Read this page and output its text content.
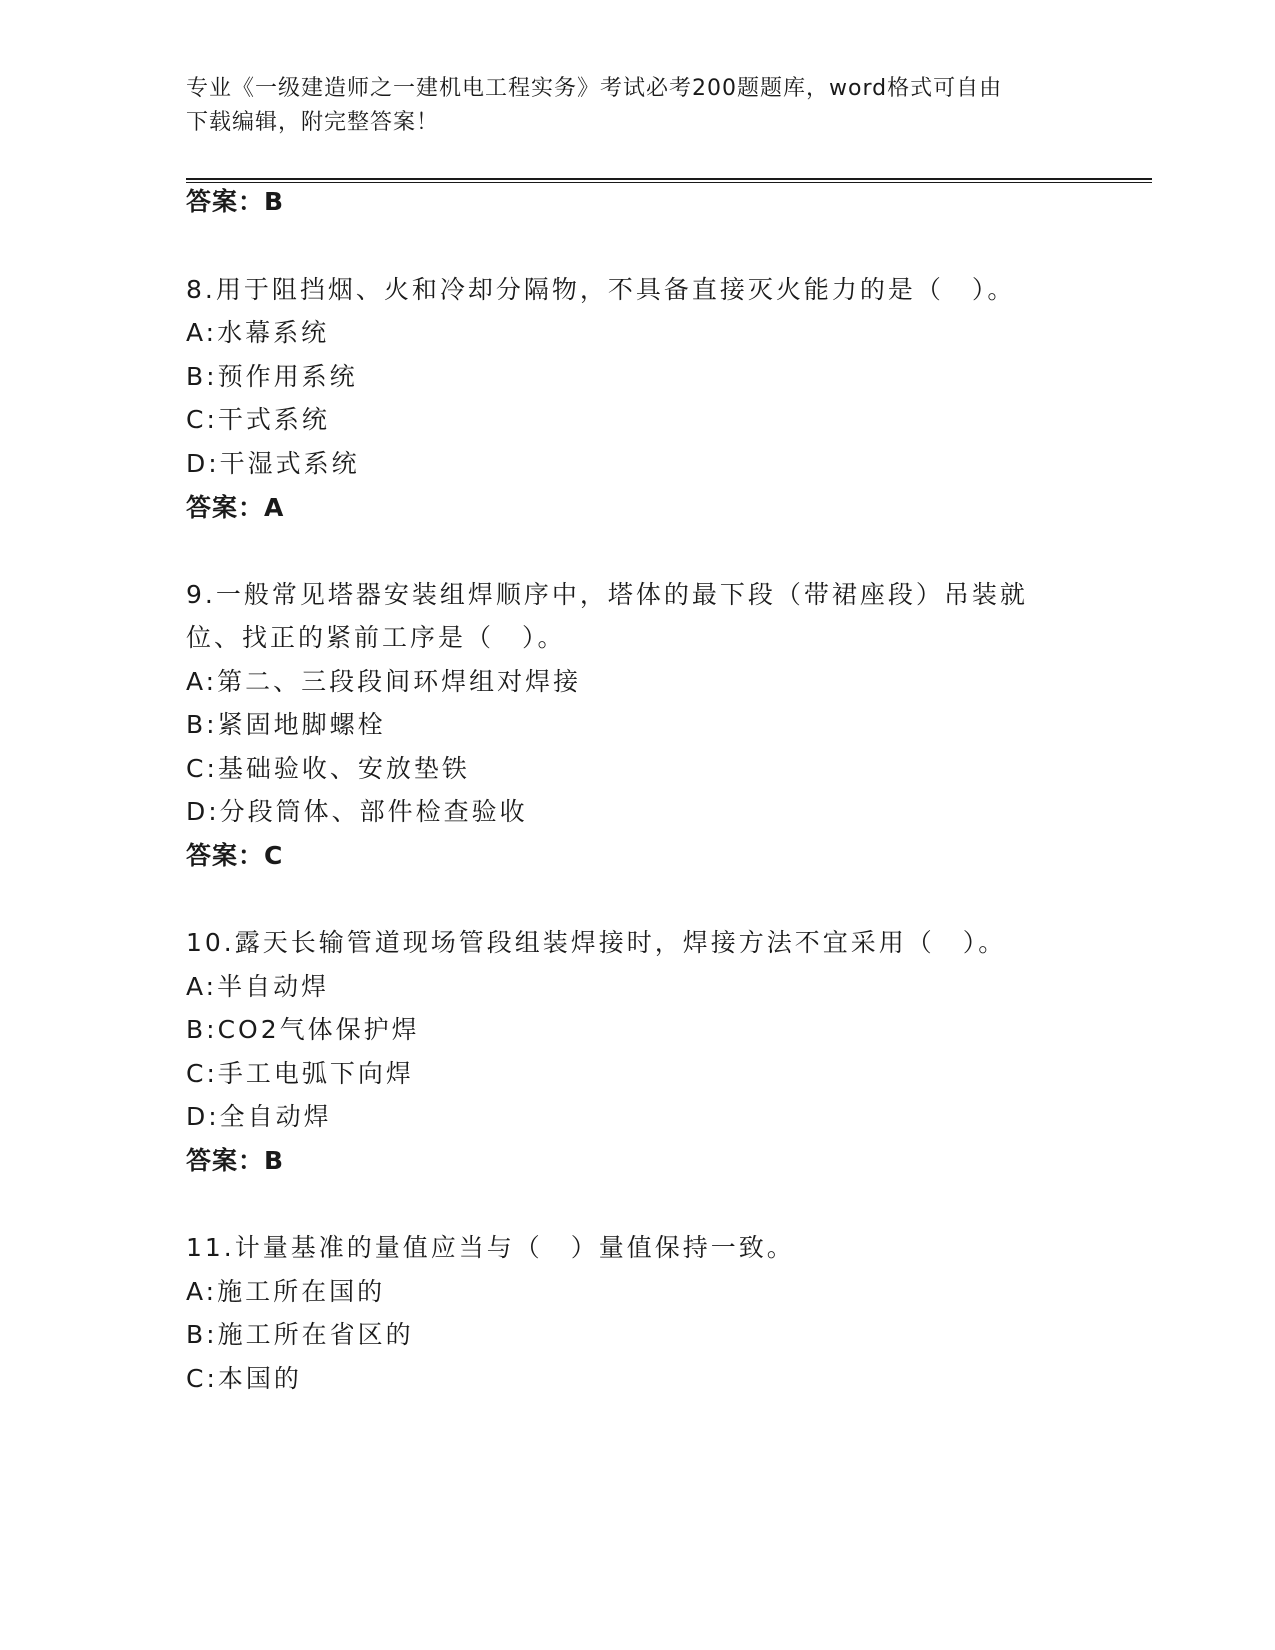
专业《一级建造师之一建机电工程实务》考试必考200题题库，word格式可自由
下载编辑，附完整答案！
答案：B
8.用于阻挡烟、火和冷却分隔物，不具备直接灭火能力的是（　）。
A:水幕系统
B:预作用系统
C:干式系统
D:干湿式系统
答案：A
9.一般常见塔器安装组焊顺序中，塔体的最下段（带裙座段）吊装就
位、找正的紧前工序是（　）。
A:第二、三段段间环焊组对焊接
B:紧固地脚螺栓
C:基础验收、安放垫铁
D:分段筒体、部件检查验收
答案：C
10.露天长输管道现场管段组装焊接时，焊接方法不宜采用（　）。
A:半自动焊
B:CO2气体保护焊
C:手工电弧下向焊
D:全自动焊
答案：B
11.计量基准的量值应当与（　）量值保持一致。
A:施工所在国的
B:施工所在省区的
C:本国的
